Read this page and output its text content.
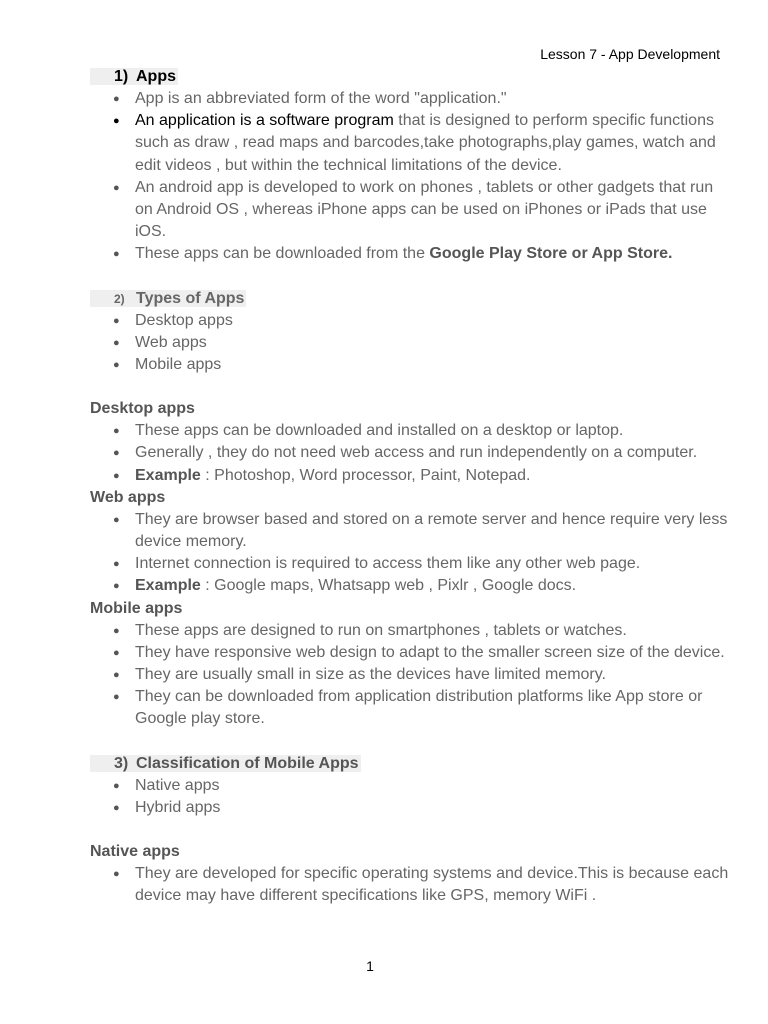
Lesson 7 - App Development
1) Apps
● App is an abbreviated form of the word "application."
● An application is a software program that is designed to perform specific functions such as draw , read maps and barcodes,take photographs,play games, watch and edit videos , but within the technical limitations of the device.
● An android app is developed to work on phones , tablets or other gadgets that run on Android OS , whereas iPhone apps can be used on iPhones or iPads that use iOS.
● These apps can be downloaded from the Google Play Store or App Store.
2) Types of Apps
● Desktop apps
● Web apps
● Mobile apps
Desktop apps
● These apps can be downloaded and installed on a desktop or laptop.
● Generally , they do not need web access and run independently on a computer.
● Example : Photoshop, Word processor, Paint, Notepad.
Web apps
● They are browser based and stored on a remote server and hence require very less device memory.
● Internet connection is required to access them like any other web page.
● Example : Google maps, Whatsapp web , Pixlr , Google docs.
Mobile apps
● These apps are designed to run on smartphones , tablets or watches.
● They have responsive web design to adapt to the smaller screen size of the device.
● They are usually small in size as the devices have limited memory.
● They can be downloaded from application distribution platforms like App store or Google play store.
3) Classification of Mobile Apps
● Native apps
● Hybrid apps
Native apps
● They are developed for specific operating systems and device.This is because each device may have different specifications like GPS, memory WiFi .
1
